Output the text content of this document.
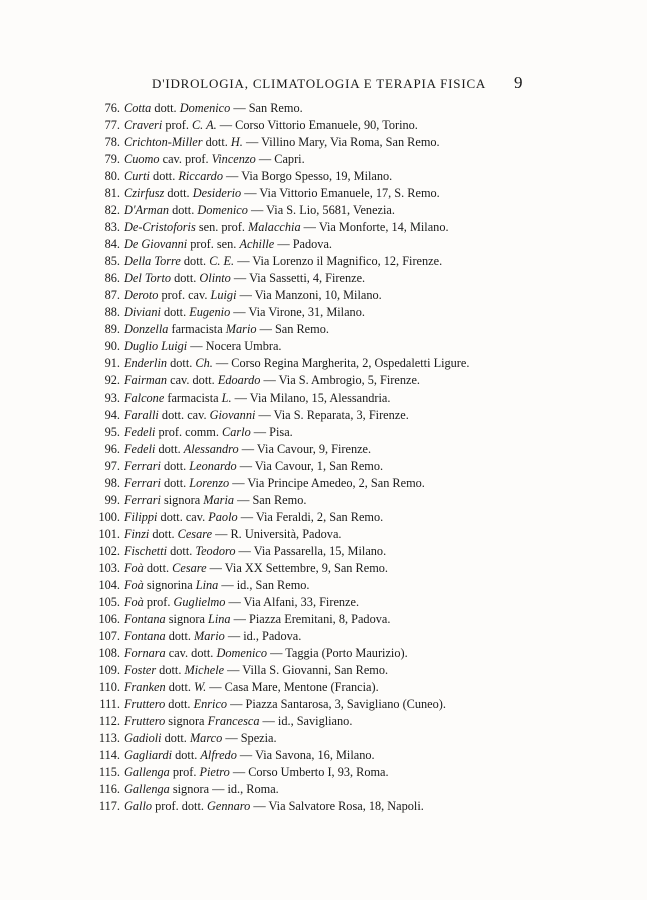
D'IDROLOGIA, CLIMATOLOGIA E TERAPIA FISICA 9
76. Cotta dott. Domenico — San Remo.
77. Craveri prof. C. A. — Corso Vittorio Emanuele, 90, Torino.
78. Crichton-Miller dott. H. — Villino Mary, Via Roma, San Remo.
79. Cuomo cav. prof. Vincenzo — Capri.
80. Curti dott. Riccardo — Via Borgo Spesso, 19, Milano.
81. Czirfusz dott. Desiderio — Via Vittorio Emanuele, 17, S. Remo.
82. D'Arman dott. Domenico — Via S. Lio, 5681, Venezia.
83. De-Cristoforis sen. prof. Malacchia — Via Monforte, 14, Milano.
84. De Giovanni prof. sen. Achille — Padova.
85. Della Torre dott. C. E. — Via Lorenzo il Magnifico, 12, Firenze.
86. Del Torto dott. Olinto — Via Sassetti, 4, Firenze.
87. Deroto prof. cav. Luigi — Via Manzoni, 10, Milano.
88. Diviani dott. Eugenio — Via Virone, 31, Milano.
89. Donzella farmacista Mario — San Remo.
90. Duglio Luigi — Nocera Umbra.
91. Enderlin dott. Ch. — Corso Regina Margherita, 2, Ospedaletti Ligure.
92. Fairman cav. dott. Edoardo — Via S. Ambrogio, 5, Firenze.
93. Falcone farmacista L. — Via Milano, 15, Alessandria.
94. Faralli dott. cav. Giovanni — Via S. Reparata, 3, Firenze.
95. Fedeli prof. comm. Carlo — Pisa.
96. Fedeli dott. Alessandro — Via Cavour, 9, Firenze.
97. Ferrari dott. Leonardo — Via Cavour, 1, San Remo.
98. Ferrari dott. Lorenzo — Via Principe Amedeo, 2, San Remo.
99. Ferrari signora Maria — San Remo.
100. Filippi dott. cav. Paolo — Via Feraldi, 2, San Remo.
101. Finzi dott. Cesare — R. Università, Padova.
102. Fischetti dott. Teodoro — Via Passarella, 15, Milano.
103. Foà dott. Cesare — Via XX Settembre, 9, San Remo.
104. Foà signorina Lina — id., San Remo.
105. Foà prof. Guglielmo — Via Alfani, 33, Firenze.
106. Fontana signora Lina — Piazza Eremitani, 8, Padova.
107. Fontana dott. Mario — id., Padova.
108. Fornara cav. dott. Domenico — Taggia (Porto Maurizio).
109. Foster dott. Michele — Villa S. Giovanni, San Remo.
110. Franken dott. W. — Casa Mare, Mentone (Francia).
111. Fruttero dott. Enrico — Piazza Santarosa, 3, Savigliano (Cuneo).
112. Fruttero signora Francesca — id., Savigliano.
113. Gadioli dott. Marco — Spezia.
114. Gagliardi dott. Alfredo — Via Savona, 16, Milano.
115. Gallenga prof. Pietro — Corso Umberto I, 93, Roma.
116. Gallenga signora — id., Roma.
117. Gallo prof. dott. Gennaro — Via Salvatore Rosa, 18, Napoli.
